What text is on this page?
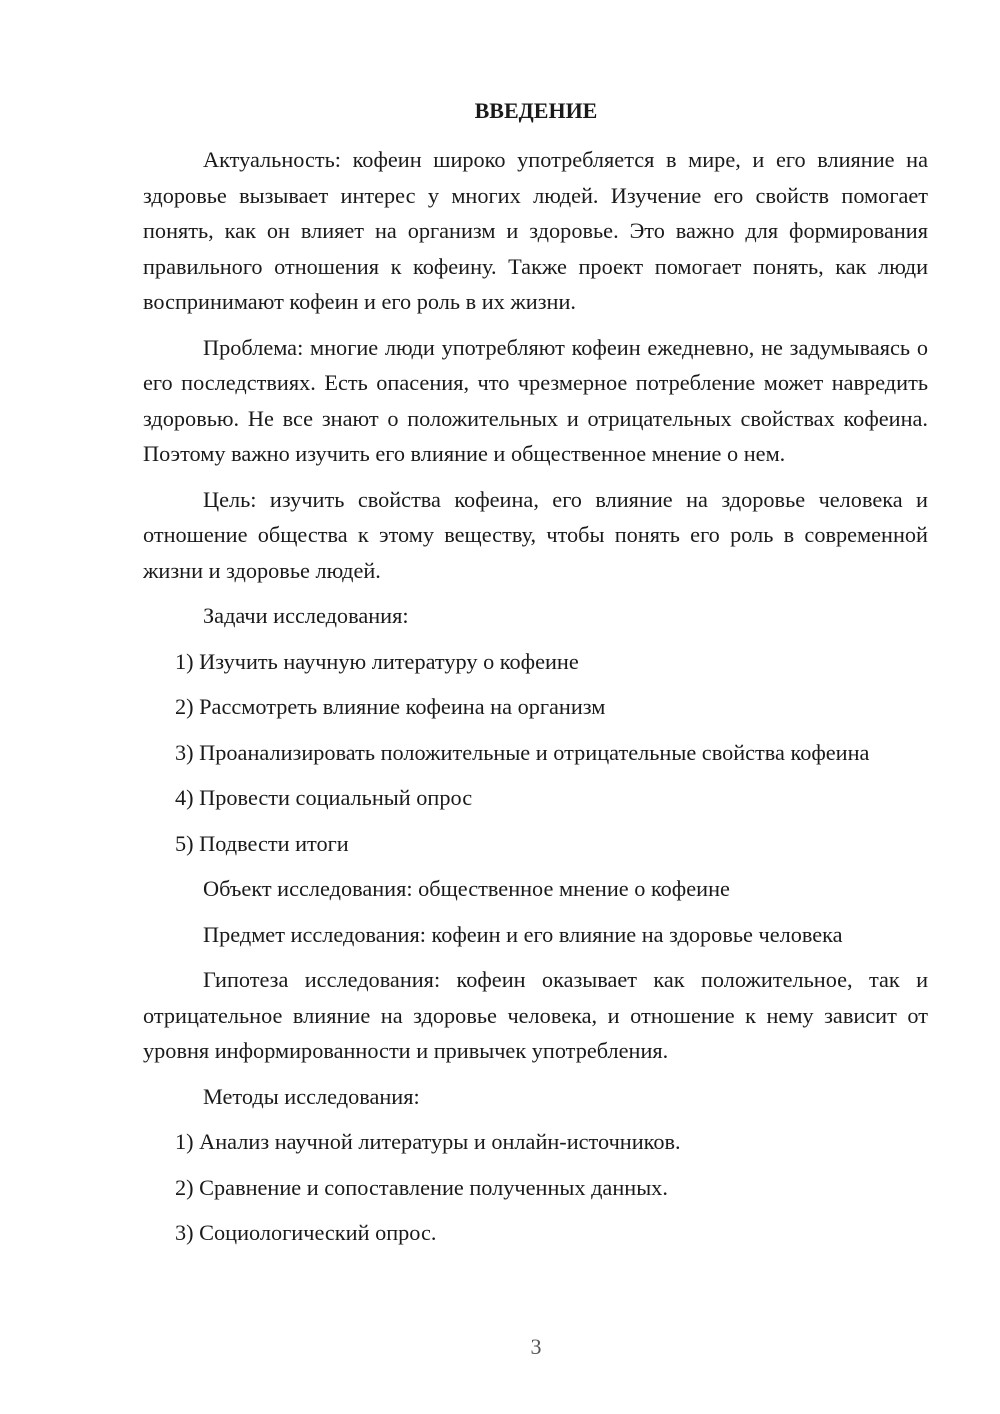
ВВЕДЕНИЕ

Актуальность: кофеин широко употребляется в мире, и его влияние на здоровье вызывает интерес у многих людей. Изучение его свойств помогает понять, как он влияет на организм и здоровье. Это важно для формирования правильного отношения к кофеину. Также проект помогает понять, как люди воспринимают кофеин и его роль в их жизни.

Проблема: многие люди употребляют кофеин ежедневно, не задумываясь о его последствиях. Есть опасения, что чрезмерное потребление может навредить здоровью. Не все знают о положительных и отрицательных свойствах кофеина. Поэтому важно изучить его влияние и общественное мнение о нем.

Цель: изучить свойства кофеина, его влияние на здоровье человека и отношение общества к этому веществу, чтобы понять его роль в современной жизни и здоровье людей.

Задачи исследования:

1) Изучить научную литературу о кофеине

2) Рассмотреть влияние кофеина на организм

3) Проанализировать положительные и отрицательные свойства кофеина

4) Провести социальный опрос

5) Подвести итоги

Объект исследования: общественное мнение о кофеине

Предмет исследования: кофеин и его влияние на здоровье человека

Гипотеза исследования: кофеин оказывает как положительное, так и отрицательное влияние на здоровье человека, и отношение к нему зависит от уровня информированности и привычек употребления.

Методы исследования:

1) Анализ научной литературы и онлайн-источников.

2) Сравнение и сопоставление полученных данных.

3) Социологический опрос.

3
